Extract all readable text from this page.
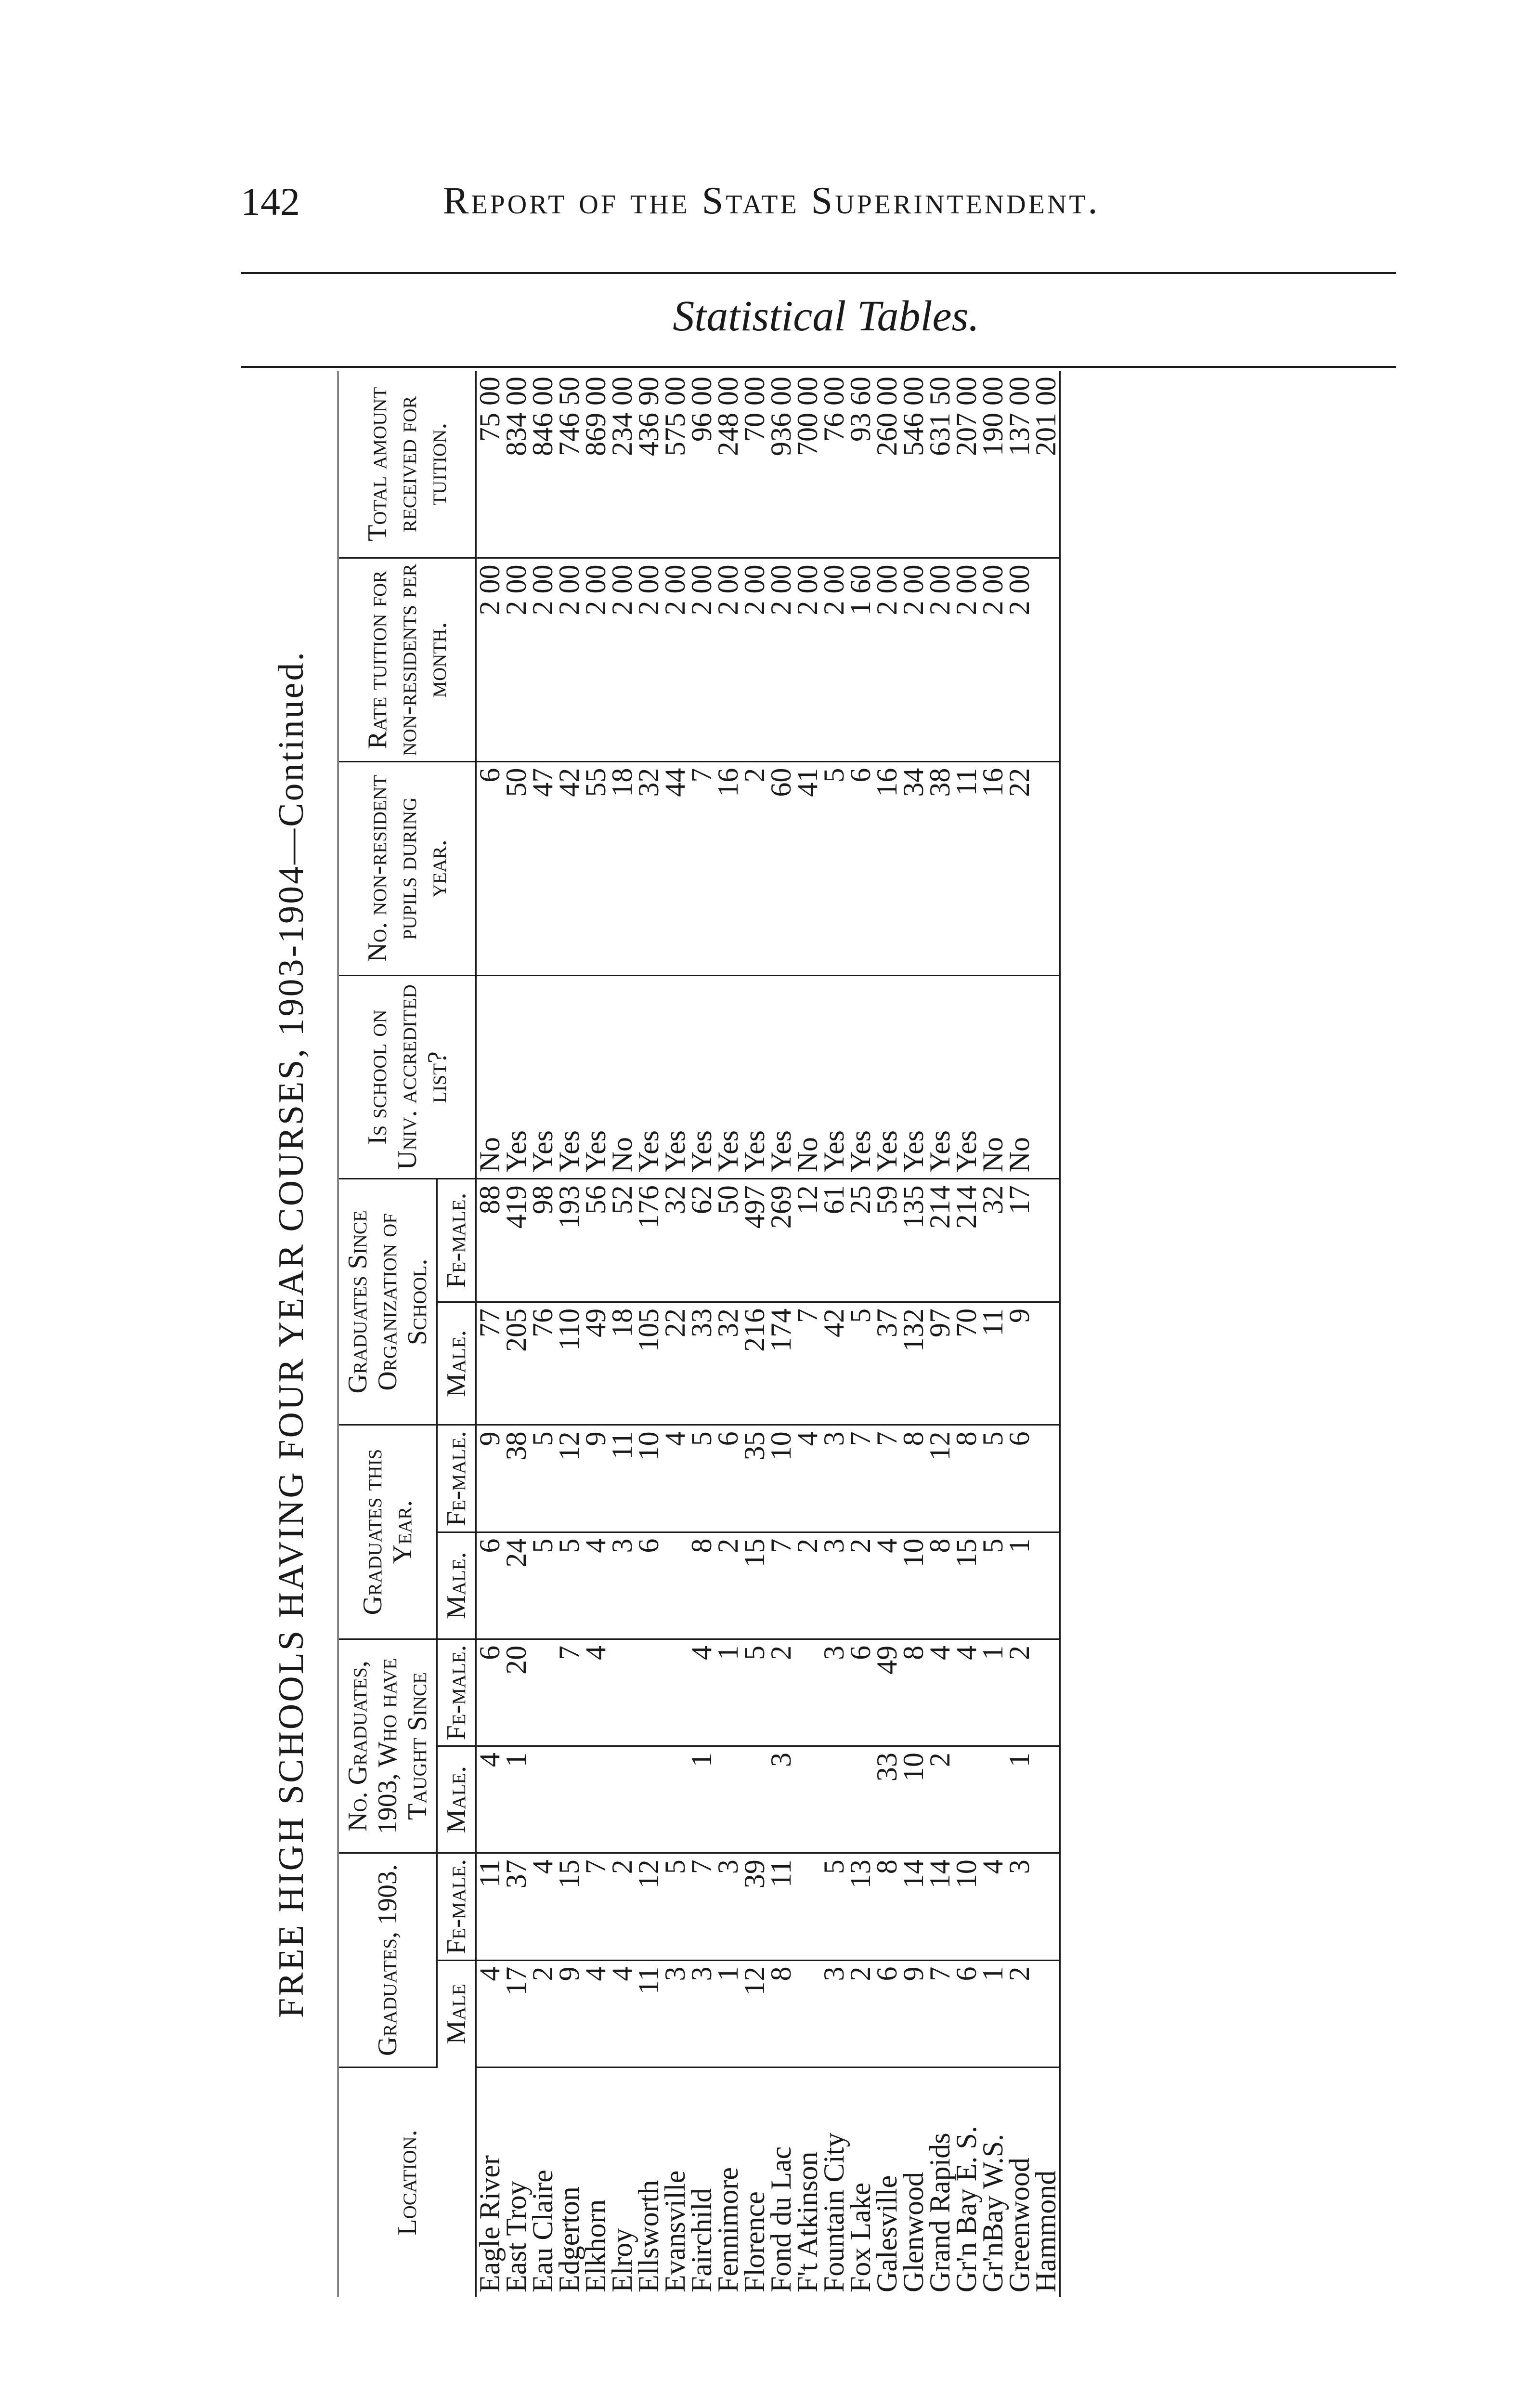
142	Report of the State Superintendent.
Statistical Tables.
FREE HIGH SCHOOLS HAVING FOUR YEAR COURSES, 1903-1904—Continued.
Location.	Graduates, 1903.		No. Graduates, 1903, Who have Taught Since		Graduates this Year.		Graduates Since Organization of School.		Is school on Univ. accredited list?	No. non-resident pupils during year.	Rate tuition for non-residents per month.	Total amount received for tuition.
	Male	Fe-male.	Male.	Fe-male.	Male.	Fe-male.	Male.	Fe-male.				
Eagle River	4	11	4	6	6	9	77	88	No	6	2 00	75 00
East Troy	17	37	1	20	24	38	205	419	Yes	50	2 00	834 00
Eau Claire	2	4			5	5	76	98	Yes	47	2 00	846 00
Edgerton	9	15		7	5	12	110	193	Yes	42	2 00	746 50
Elkhorn	4	7		4	4	9	49	56	Yes	55	2 00	869 00
Elroy	4	2			3	11	18	52	No	18	2 00	234 00
Ellsworth	11	12			6	10	105	176	Yes	32	2 00	436 90
Evansville	3	5				4	22	32	Yes	44	2 00	575 00
Fairchild	3	7	1	4	8	5	33	62	Yes	7	2 00	96 00
Fennimore	1	3		1	2	6	32	50	Yes	16	2 00	248 00
Florence	12	39		5	15	35	216	497	Yes	2	2 00	70 00
Fond du Lac	8	11	3	2	7	10	174	269	Yes	60	2 00	936 00
F't Atkinson					2	4	7	12	No	41	2 00	700 00
Fountain City	3	5		3	3	3	42	61	Yes	5	2 00	76 00
Fox Lake	2	13		6	2	7	5	25	Yes	6	1 60	93 60
Galesville	6	8	33	49	4	7	37	59	Yes	16	2 00	260 00
Glenwood	9	14	10	8	10	8	132	135	Yes	34	2 00	546 00
Grand Rapids	7	14	2	4	8	12	97	214	Yes	38	2 00	631 50
Gr'n Bay E. S.	6	10		4	15	8	70	214	Yes	11	2 00	207 00
Gr'nBay W.S.	1	4		1	5	5	11	32	No	16	2 00	190 00
Greenwood	2	3	1	2	1	6	9	17	No	22	2 00	137 00
Hammond												201 00
